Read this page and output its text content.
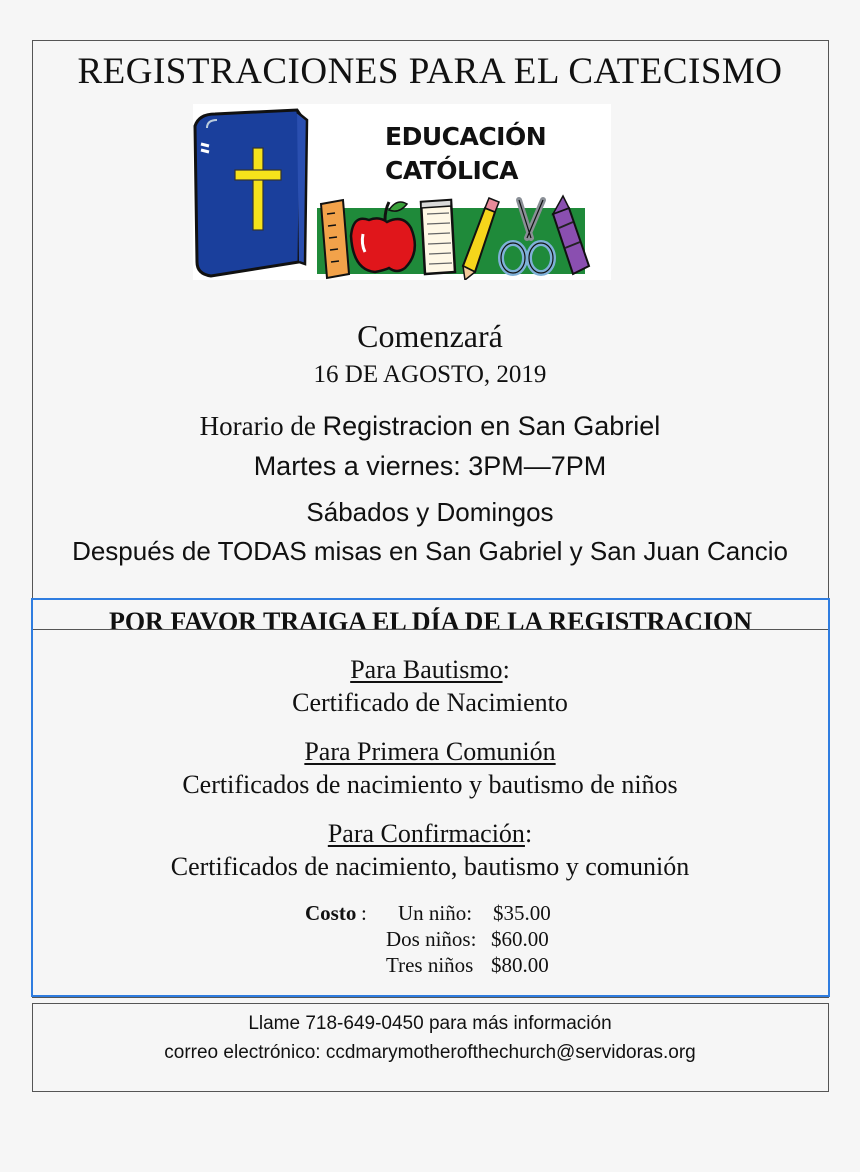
REGISTRACIONES PARA EL CATECISMO
EDUCACIÓN
CATÓLICA
Comenzará
16 DE AGOSTO, 2019
Horario de Registracion en San Gabriel
Martes a viernes: 3PM—7PM
Sábados y Domingos
Después de TODAS misas en San Gabriel y San Juan Cancio
POR FAVOR TRAIGA EL DÍA DE LA REGISTRACION
Para Bautismo:
Certificado de Nacimiento
Para Primera Comunión
Certificados de nacimiento y bautismo de niños
Para Confirmación:
Certificados de nacimiento, bautismo y comunión
Costo : Un niño: $35.00
Dos niños: $60.00
Tres niños $80.00
Llame 718-649-0450 para más información
correo electrónico: ccdmarymotherofthechurch@servidoras.org
